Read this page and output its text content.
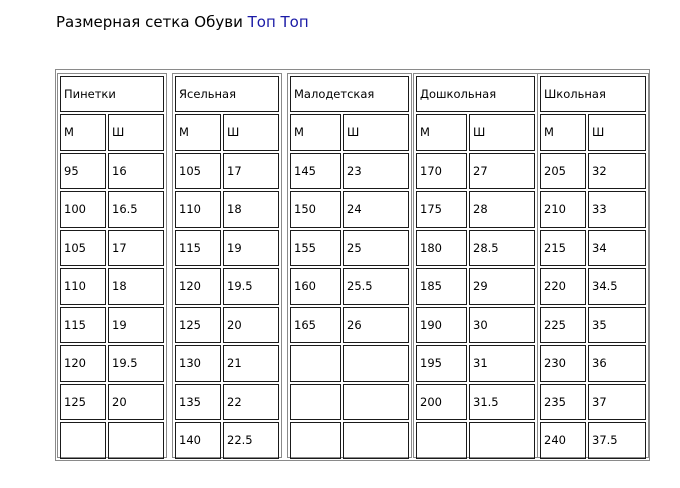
Размерная сетка Обуви Топ Топ
Пинетки
М	Ш
95	16
100	16.5
105	17
110	18
115	19
120	19.5
125	20
Ясельная
М	Ш
105	17
110	18
115	19
120	19.5
125	20
130	21
135	22
140	22.5
Малодетская
М	Ш
145	23
150	24
155	25
160	25.5
165	26
Дошкольная
М	Ш
170	27
175	28
180	28.5
185	29
190	30
195	31
200	31.5
Школьная
М	Ш
205	32
210	33
215	34
220	34.5
225	35
230	36
235	37
240	37.5
